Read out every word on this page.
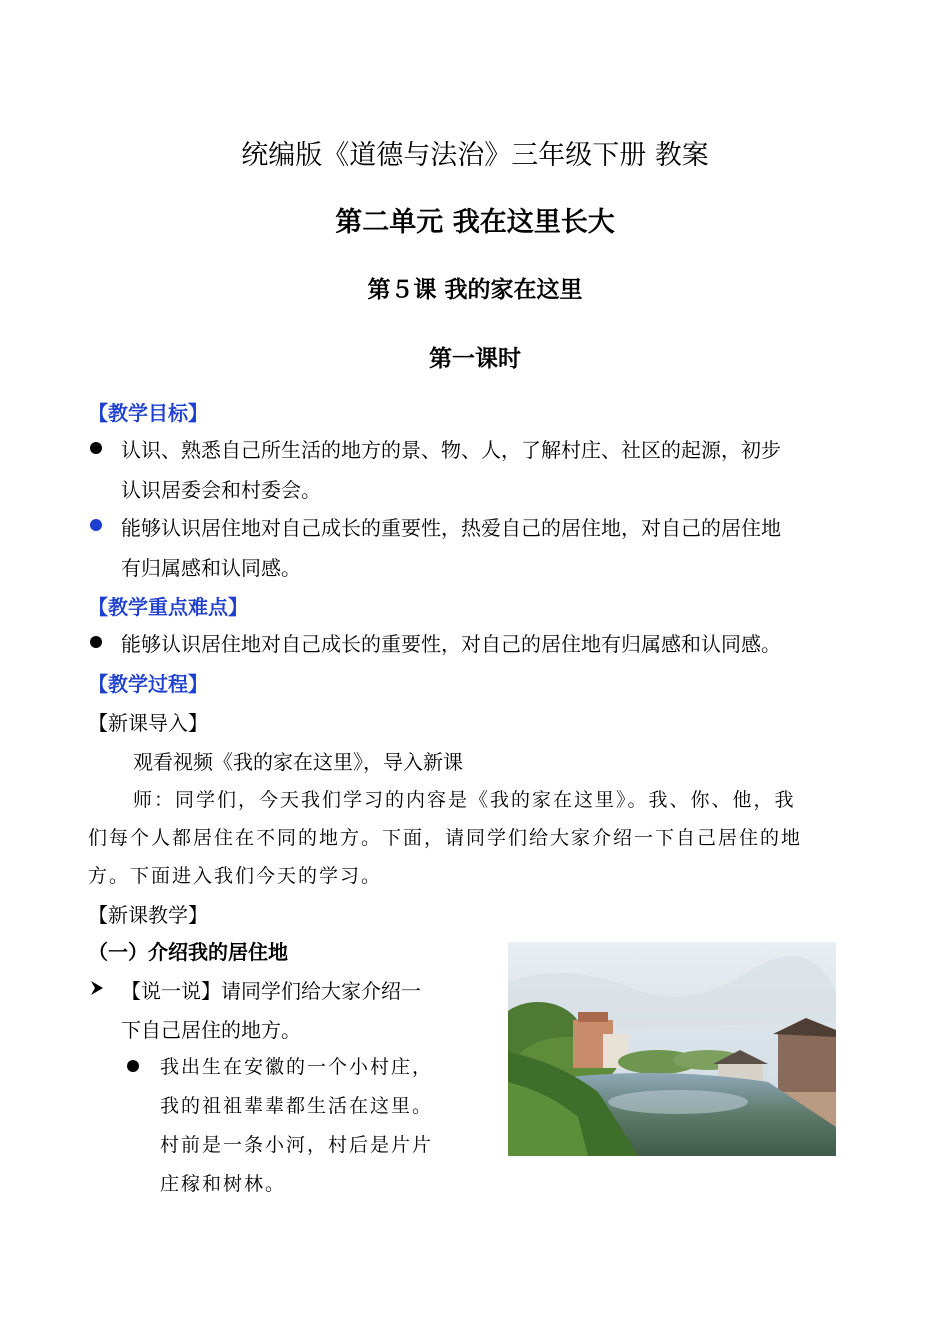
统编版《道德与法治》三年级下册 教案
第二单元 我在这里长大
第５课 我的家在这里
第一课时
【教学目标】
认识、熟悉自己所生活的地方的景、物、人，了解村庄、社区的起源，初步
认识居委会和村委会。
能够认识居住地对自己成长的重要性，热爱自己的居住地，对自己的居住地
有归属感和认同感。
【教学重点难点】
能够认识居住地对自己成长的重要性，对自己的居住地有归属感和认同感。
【教学过程】
【新课导入】
观看视频《我的家在这里》，导入新课
师：同学们，今天我们学习的内容是《我的家在这里》。我、你、他，我
们每个人都居住在不同的地方。下面，请同学们给大家介绍一下自己居住的地
方。下面进入我们今天的学习。
【新课教学】
（一）介绍我的居住地
【说一说】请同学们给大家介绍一
下自己居住的地方。
我出生在安徽的一个小村庄，
我的祖祖辈辈都生活在这里。
村前是一条小河，村后是片片
庄稼和树林。
